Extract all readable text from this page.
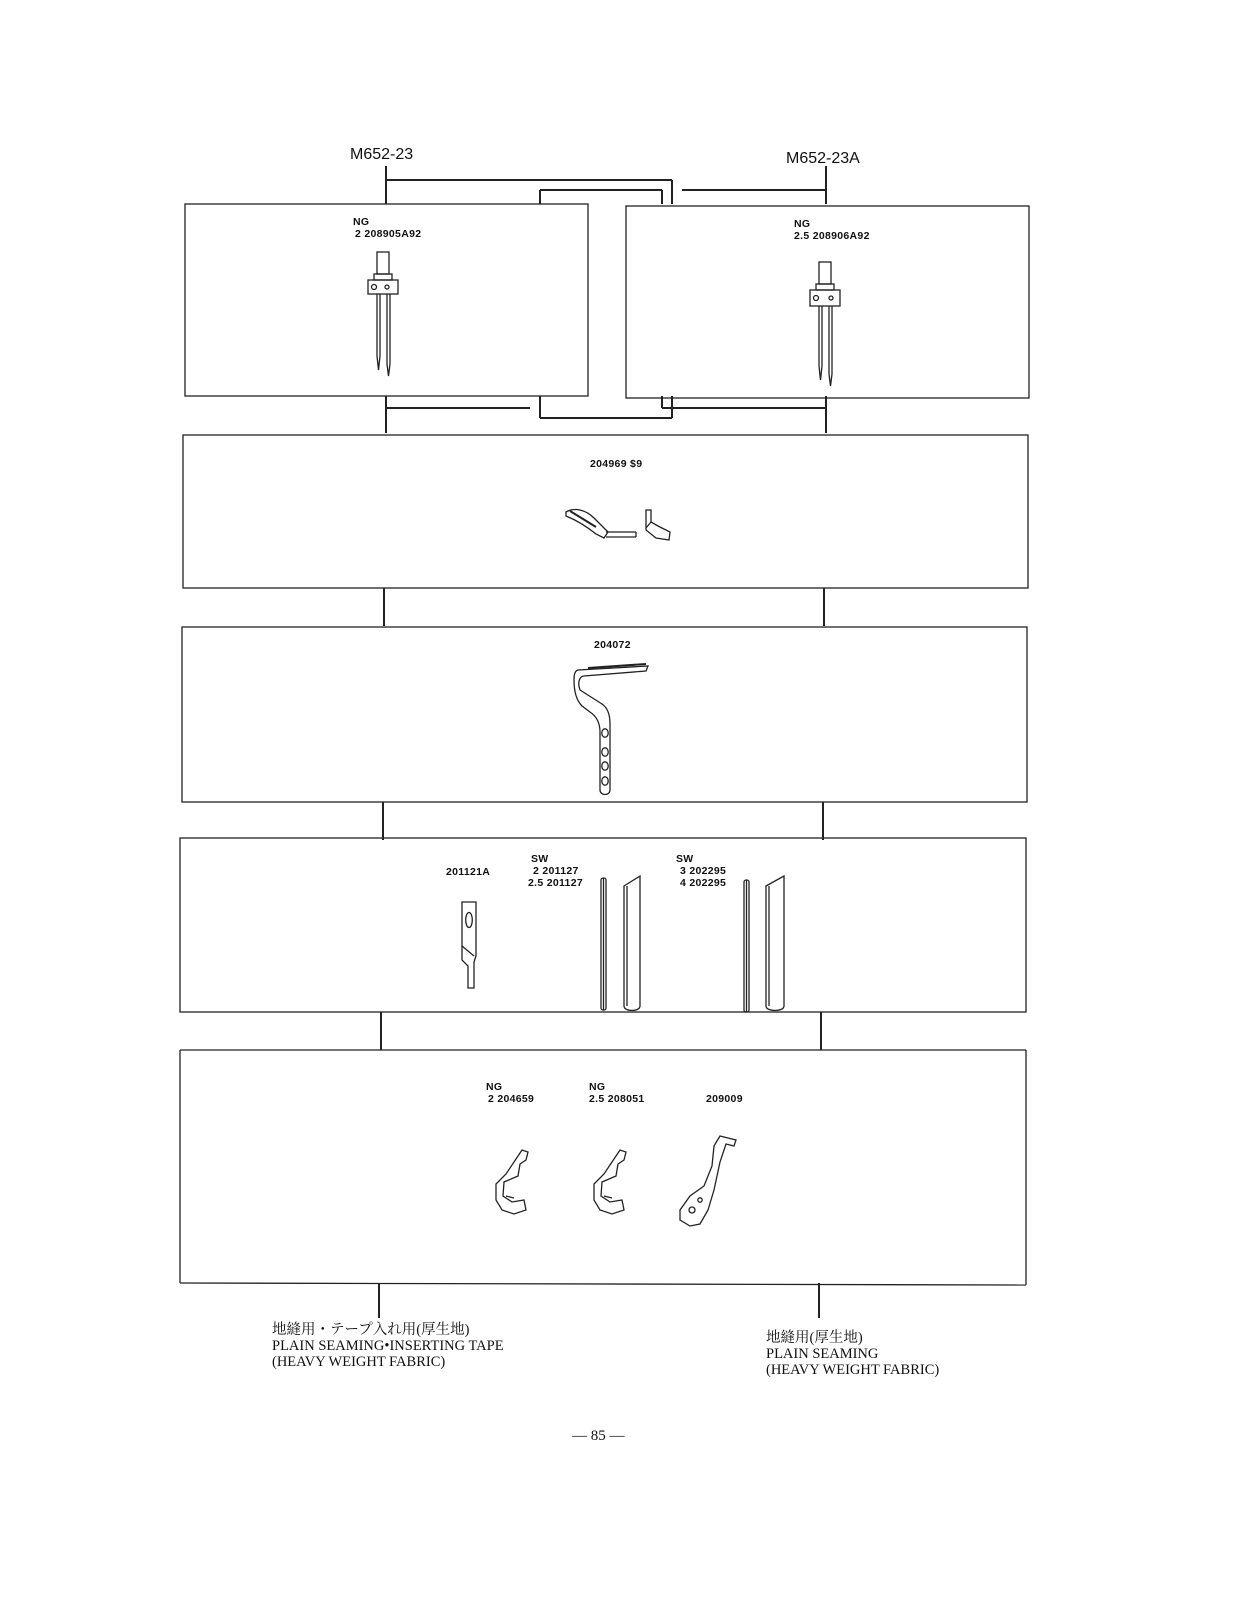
M652-23	M652-23A
NG
2 208905A92
NG
2.5 208906A92
204969 $9
204072
201121A
SW
2 201127
2.5 201127
SW
3 202295
4 202295
NG
2 204659
NG
2.5 208051	209009
地縫用・テープ入れ用(厚生地)
PLAIN SEAMING•INSERTING TAPE
(HEAVY WEIGHT FABRIC)
地縫用(厚生地)
PLAIN SEAMING
(HEAVY WEIGHT FABRIC)
— 85 —
